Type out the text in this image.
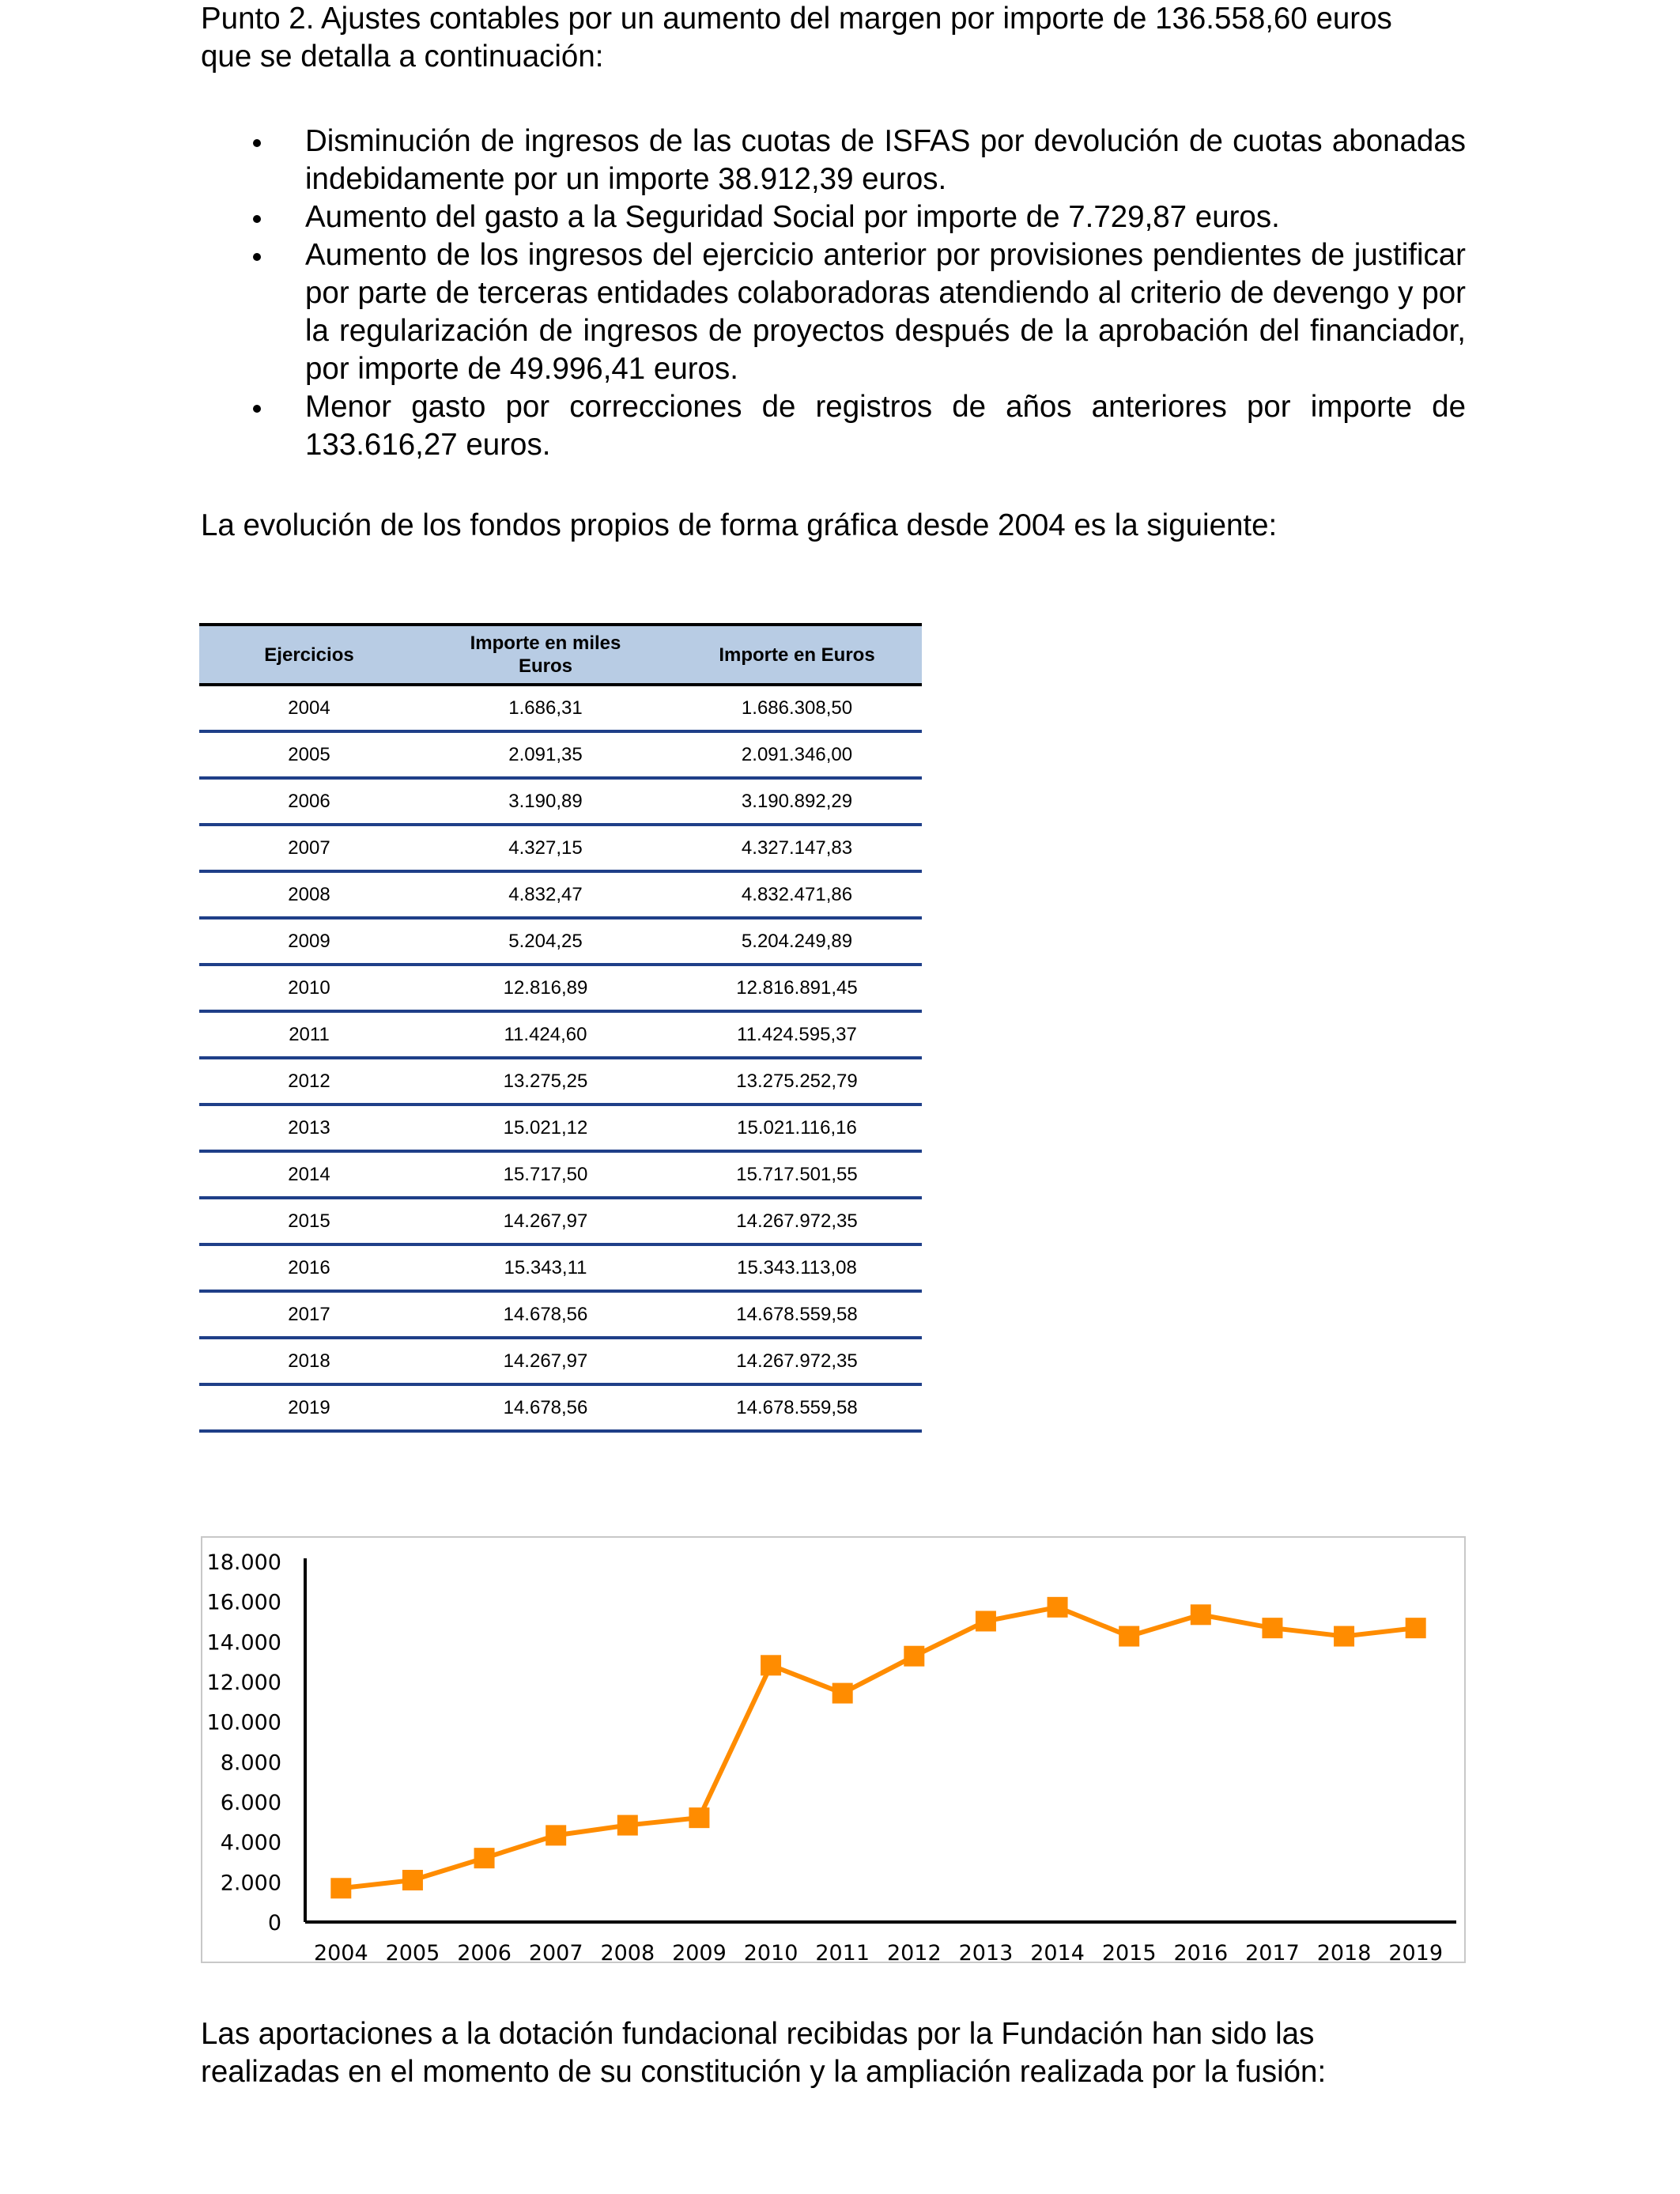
Punto 2. Ajustes contables por un aumento del margen por importe de 136.558,60 euros
que se detalla a continuación:
Disminución de ingresos de las cuotas de ISFAS por devolución de cuotas abonadas indebidamente por un importe 38.912,39 euros.
Aumento del gasto a la Seguridad Social por importe de 7.729,87 euros.
Aumento de los ingresos del ejercicio anterior por provisiones pendientes de justificar por parte de terceras entidades colaboradoras atendiendo al criterio de devengo y por la regularización de ingresos de proyectos después de la aprobación del financiador, por importe de 49.996,41 euros.
Menor gasto por correcciones de registros de años anteriores por importe de 133.616,27 euros.
La evolución de los fondos propios de forma gráfica desde 2004 es la siguiente:
Ejercicios	Importe en miles Euros	Importe en Euros
2004	1.686,31	1.686.308,50
2005	2.091,35	2.091.346,00
2006	3.190,89	3.190.892,29
2007	4.327,15	4.327.147,83
2008	4.832,47	4.832.471,86
2009	5.204,25	5.204.249,89
2010	12.816,89	12.816.891,45
2011	11.424,60	11.424.595,37
2012	13.275,25	13.275.252,79
2013	15.021,12	15.021.116,16
2014	15.717,50	15.717.501,55
2015	14.267,97	14.267.972,35
2016	15.343,11	15.343.113,08
2017	14.678,56	14.678.559,58
2018	14.267,97	14.267.972,35
2019	14.678,56	14.678.559,58
0
2.000
4.000
6.000
8.000
10.000
12.000
14.000
16.000
18.000
2004 2005 2006 2007 2008 2009 2010 2011 2012 2013 2014 2015 2016 2017 2018 2019
Las aportaciones a la dotación fundacional recibidas por la Fundación han sido las
realizadas en el momento de su constitución y la ampliación realizada por la fusión:
